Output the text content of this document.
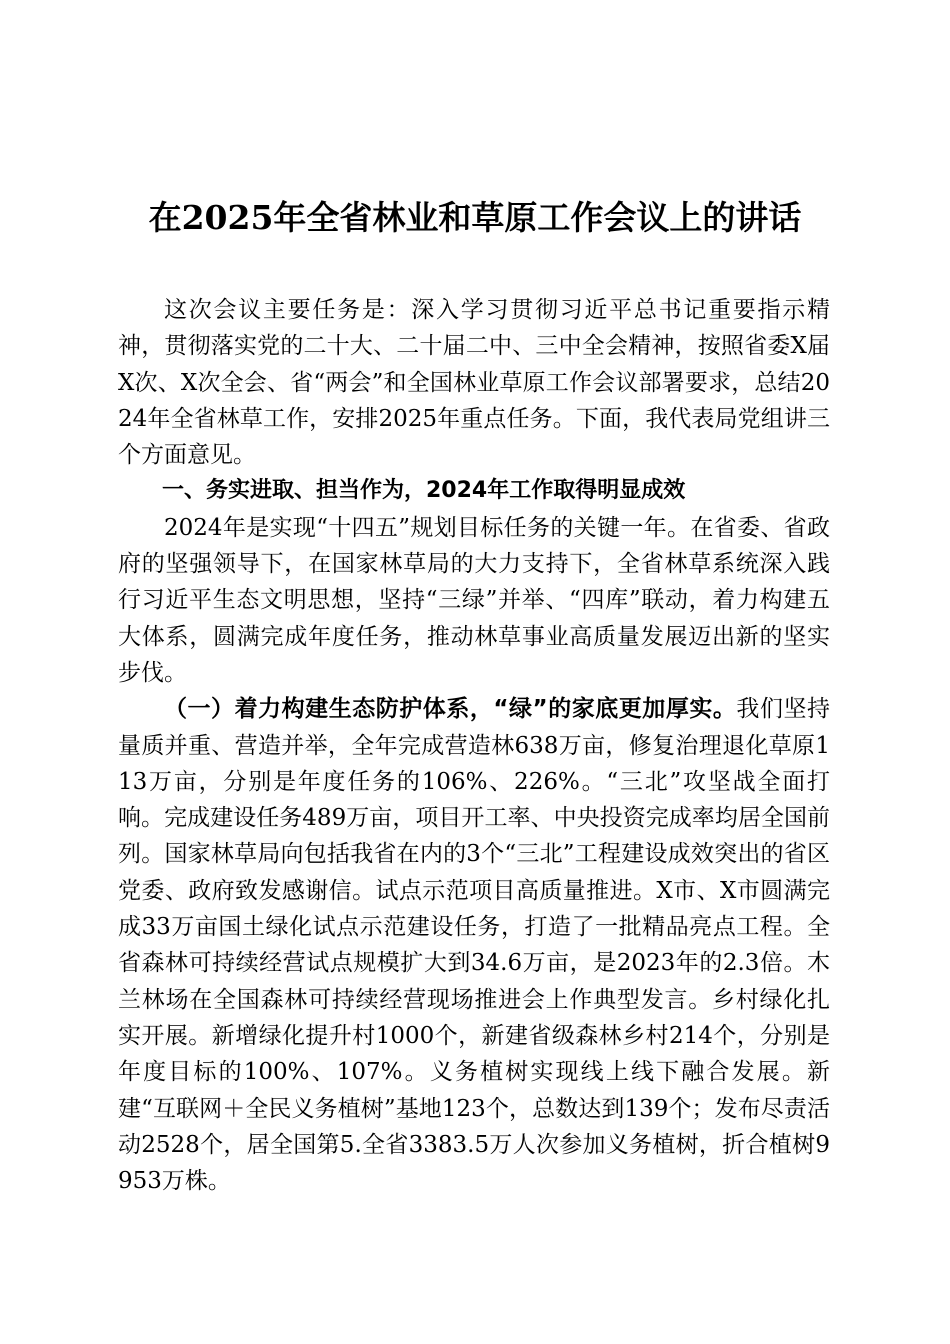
在2025年全省林业和草原工作会议上的讲话

这次会议主要任务是：深入学习贯彻习近平总书记重要指示精神，贯彻落实党的二十大、二十届二中、三中全会精神，按照省委X届X次、X次全会、省“两会”和全国林业草原工作会议部署要求，总结2024年全省林草工作，安排2025年重点任务。下面，我代表局党组讲三个方面意见。

一、务实进取、担当作为，2024年工作取得明显成效

2024年是实现“十四五”规划目标任务的关键一年。在省委、省政府的坚强领导下，在国家林草局的大力支持下，全省林草系统深入践行习近平生态文明思想，坚持“三绿”并举、“四库”联动，着力构建五大体系，圆满完成年度任务，推动林草事业高质量发展迈出新的坚实步伐。

（一）着力构建生态防护体系，“绿”的家底更加厚实。我们坚持量质并重、营造并举，全年完成营造林638万亩，修复治理退化草原113万亩，分别是年度任务的106%、226%。“三北”攻坚战全面打响。完成建设任务489万亩，项目开工率、中央投资完成率均居全国前列。国家林草局向包括我省在内的3个“三北”工程建设成效突出的省区党委、政府致发感谢信。试点示范项目高质量推进。X市、X市圆满完成33万亩国土绿化试点示范建设任务，打造了一批精品亮点工程。全省森林可持续经营试点规模扩大到34.6万亩，是2023年的2.3倍。木兰林场在全国森林可持续经营现场推进会上作典型发言。乡村绿化扎实开展。新增绿化提升村1000个，新建省级森林乡村214个，分别是年度目标的100%、107%。义务植树实现线上线下融合发展。新建“互联网＋全民义务植树”基地123个，总数达到139个；发布尽责活动2528个，居全国第5.全省3383.5万人次参加义务植树，折合植树9953万株。
